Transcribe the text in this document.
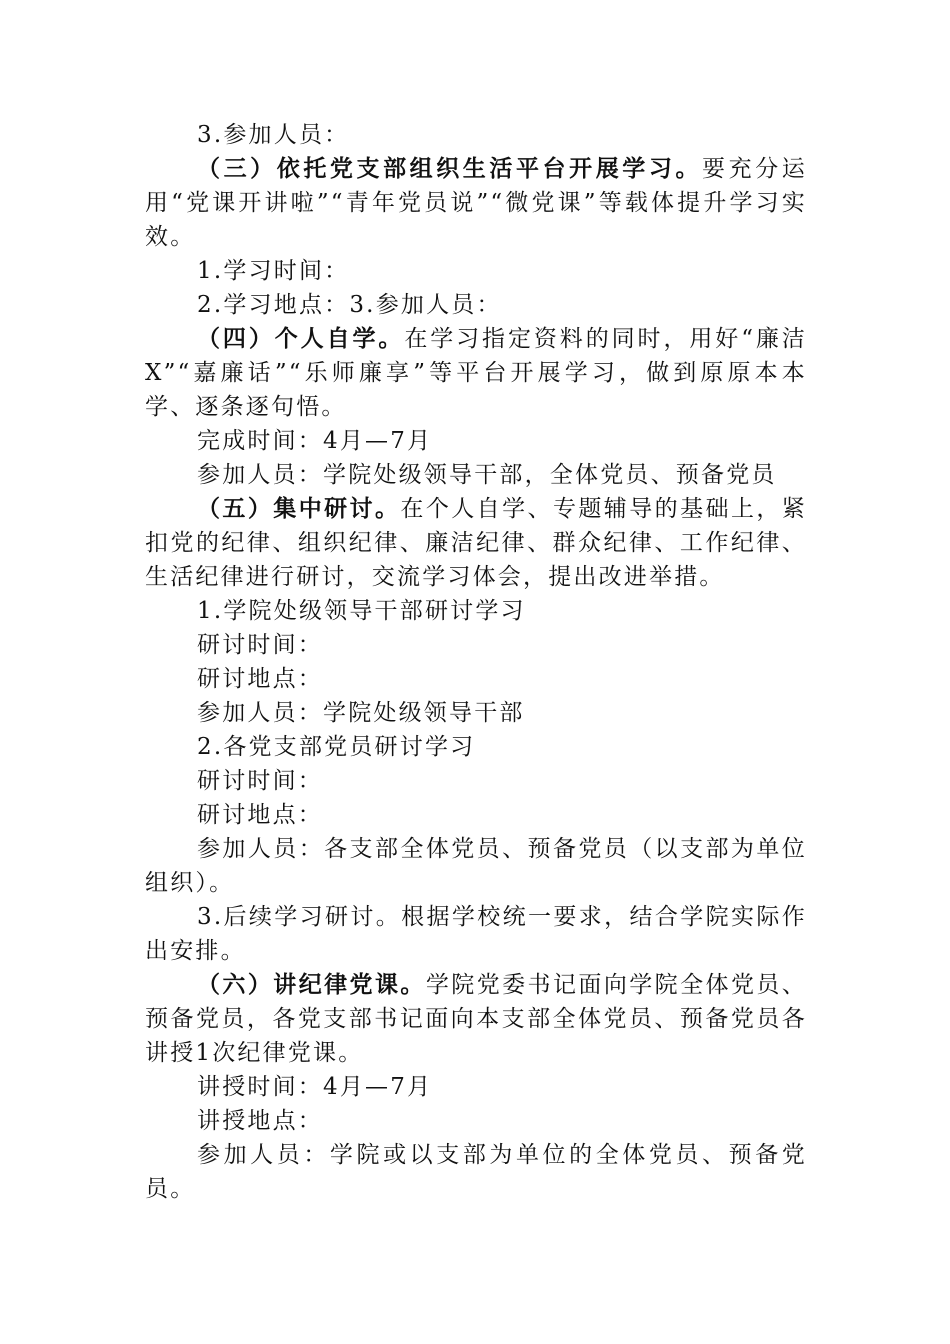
3.参加人员：

（三）依托党支部组织生活平台开展学习。要充分运用“党课开讲啦”“青年党员说”“微党课”等载体提升学习实效。

1.学习时间：

2.学习地点：3.参加人员：

（四）个人自学。在学习指定资料的同时，用好“廉洁X”“嘉廉话”“乐师廉享”等平台开展学习，做到原原本本学、逐条逐句悟。

完成时间：4月—7月

参加人员：学院处级领导干部，全体党员、预备党员

（五）集中研讨。在个人自学、专题辅导的基础上，紧扣党的纪律、组织纪律、廉洁纪律、群众纪律、工作纪律、生活纪律进行研讨，交流学习体会，提出改进举措。

1.学院处级领导干部研讨学习

研讨时间：

研讨地点：

参加人员：学院处级领导干部

2.各党支部党员研讨学习

研讨时间：

研讨地点：

参加人员：各支部全体党员、预备党员（以支部为单位组织）。

3.后续学习研讨。根据学校统一要求，结合学院实际作出安排。

（六）讲纪律党课。学院党委书记面向学院全体党员、预备党员，各党支部书记面向本支部全体党员、预备党员各讲授1次纪律党课。

讲授时间：4月—7月

讲授地点：

参加人员：学院或以支部为单位的全体党员、预备党员。
